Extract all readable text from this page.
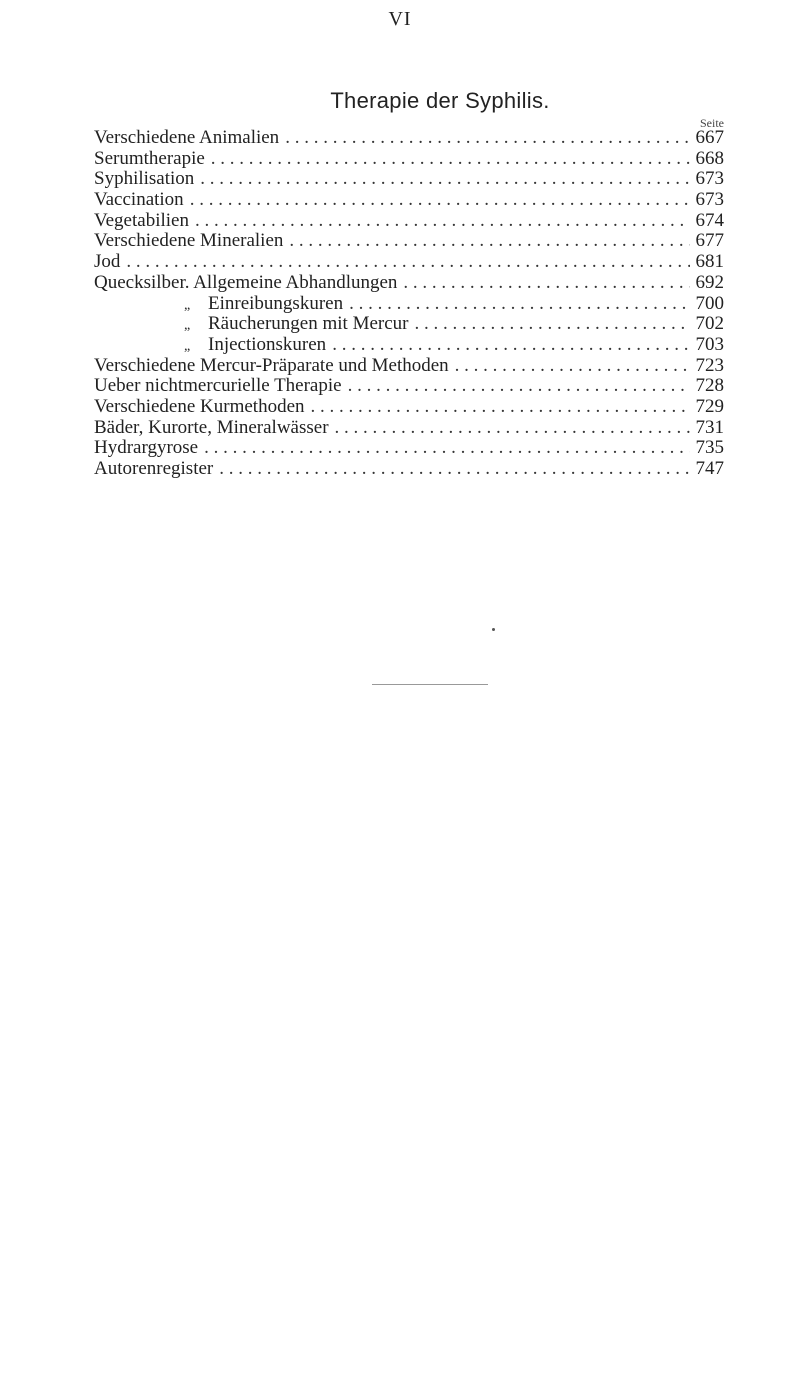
VI
Therapie der Syphilis.
Seite
Verschiedene Animalien . . .	667
Serumtherapie . . .	668
Syphilisation . . .	673
Vaccination . . .	673
Vegetabilien . . .	674
Verschiedene Mineralien . . .	677
Jod . . .	681
Quecksilber. Allgemeine Abhandlungen . . .	692
„ Einreibungskuren . . .	700
„ Räucherungen mit Mercur . . .	702
„ Injectionskuren . . .	703
Verschiedene Mercur-Präparate und Methoden . . .	723
Ueber nichtmercurielle Therapie . . .	728
Verschiedene Kurmethoden . . .	729
Bäder, Kurorte, Mineralwässer . . .	731
Hydrargyrose . . .	735
Autorenregister . . .	747
